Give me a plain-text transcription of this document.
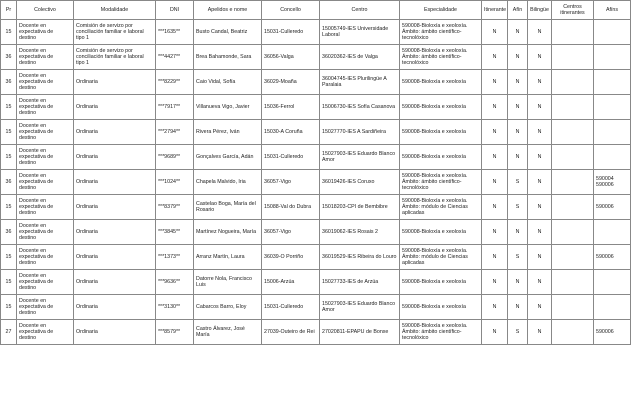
Pr	Colectivo	Modalidade	DNI	Apelidos e nome	Concello	Centro	Especialidade	Itinerante	Afín	Bilingüe	Centros itinerantes	Afíns
15	Docente en expectativa de destino	Comisión de servizo por conciliación familiar e laboral tipo 1	***1635**	Busto Candal, Beatriz	15031-Culleredo	15005749-IES Universidade Laboral	590008-Bioloxía e xeoloxía. Ámbito: ámbito científico-tecnolóxico	N	N	N		
36	Docente en expectativa de destino	Comisión de servizo por conciliación familiar e laboral tipo 1	***4427**	Brea Bahamonde, Sara	36056-Valga	36020362-IES de Valga	590008-Bioloxía e xeoloxía. Ámbito: ámbito científico-tecnolóxico	N	N	N		
36	Docente en expectativa de destino	Ordinaria	***8229**	Caio Vidal, Sofía	36029-Moaña	36004745-IES Plurilingüe A Paralaia	590008-Bioloxía e xeoloxía	N	N	N		
15	Docente en expectativa de destino	Ordinaria	***7917**	Villanueva Vigo, Javier	15036-Ferrol	15006730-IES Sofía Casanova	590008-Bioloxía e xeoloxía	N	N	N		
15	Docente en expectativa de destino	Ordinaria	***2794**	Rivera Pérez, Iván	15030-A Coruña	15027770-IES A Sardiñeira	590008-Bioloxía e xeoloxía	N	N	N		
15	Docente en expectativa de destino	Ordinaria	***9689**	Gonçalves García, Adán	15031-Culleredo	15027903-IES Eduardo Blanco Amor	590008-Bioloxía e xeoloxía	N	N	N		
36	Docente en expectativa de destino	Ordinaria	***1024**	Chapela Malvido, Iria	36057-Vigo	36019426-IES Coruxo	590008-Bioloxía e xeoloxía. Ámbito: ámbito científico-tecnolóxico	N	S	N		590004 590006
15	Docente en expectativa de destino	Ordinaria	***8379**	Castelao Boga, María del Rosario	15088-Val do Dubra	15018203-CPI de Bembibre	590008-Bioloxía e xeoloxía. Ámbito: módulo de Ciencias aplicadas	N	S	N		590006
36	Docente en expectativa de destino	Ordinaria	***3845**	Martínez Nogueira, María	36057-Vigo	36019062-IES Rosais 2	590008-Bioloxía e xeoloxía	N	N	N		
15	Docente en expectativa de destino	Ordinaria	***1373**	Arranz Martín, Laura	36039-O Porriño	36019529-IES Ribeira do Louro	590008-Bioloxía e xeoloxía. Ámbito: módulo de Ciencias aplicadas	N	S	N		590006
15	Docente en expectativa de destino	Ordinaria	***9636**	Datorre Nola, Francisco Luis	15006-Arzúa	15027733-IES de Arzúa	590008-Bioloxía e xeoloxía	N	N	N		
15	Docente en expectativa de destino	Ordinaria	***3130**	Cabarcos Barro, Eloy	15031-Culleredo	15027903-IES Eduardo Blanco Amor	590008-Bioloxía e xeoloxía	N	N	N		
27	Docente en expectativa de destino	Ordinaria	***8579**	Castro Álvarez, José María	27039-Outeiro de Rei	27020811-EPAPU de Bonxe	590008-Bioloxía e xeoloxía. Ámbito: ámbito científico-tecnolóxico	N	S	N		590006
